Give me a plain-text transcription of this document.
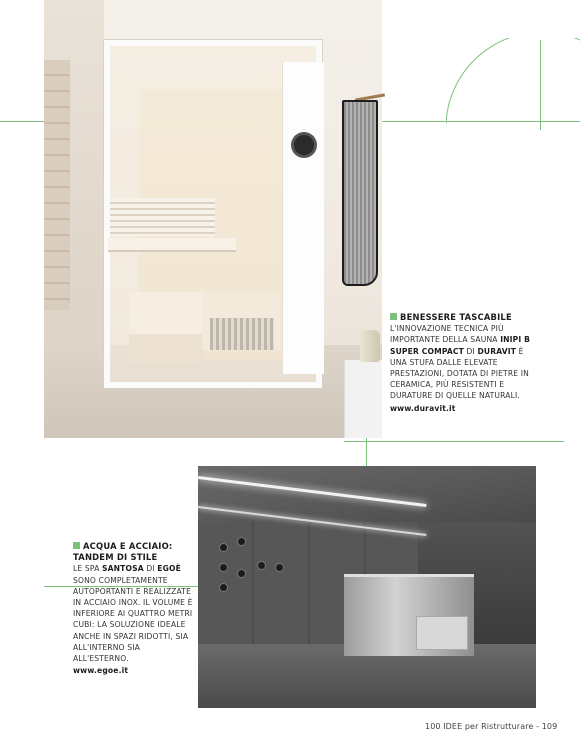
BENESSERE TASCABILE
L'INNOVAZIONE TECNICA PIÙ IMPORTANTE DELLA SAUNA INIPI B SUPER COMPACT DI DURAVIT È UNA STUFA DALLE ELEVATE PRESTAZIONI, DOTATA DI PIETRE IN CERAMICA, PIÙ RESISTENTI E DURATURE DI QUELLE NATURALI.
www.duravit.it
ACQUA E ACCIAIO:
TANDEM DI STILE
LE SPA SANTOSA DI EGOÈ SONO COMPLETAMENTE AUTOPORTANTI E REALIZZATE IN ACCIAIO INOX. IL VOLUME È INFERIORE AI QUATTRO METRI CUBI: LA SOLUZIONE IDEALE ANCHE IN SPAZI RIDOTTI, SIA ALL'INTERNO SIA ALL'ESTERNO.
www.egoe.it
100 IDEE per Ristrutturare - 109
